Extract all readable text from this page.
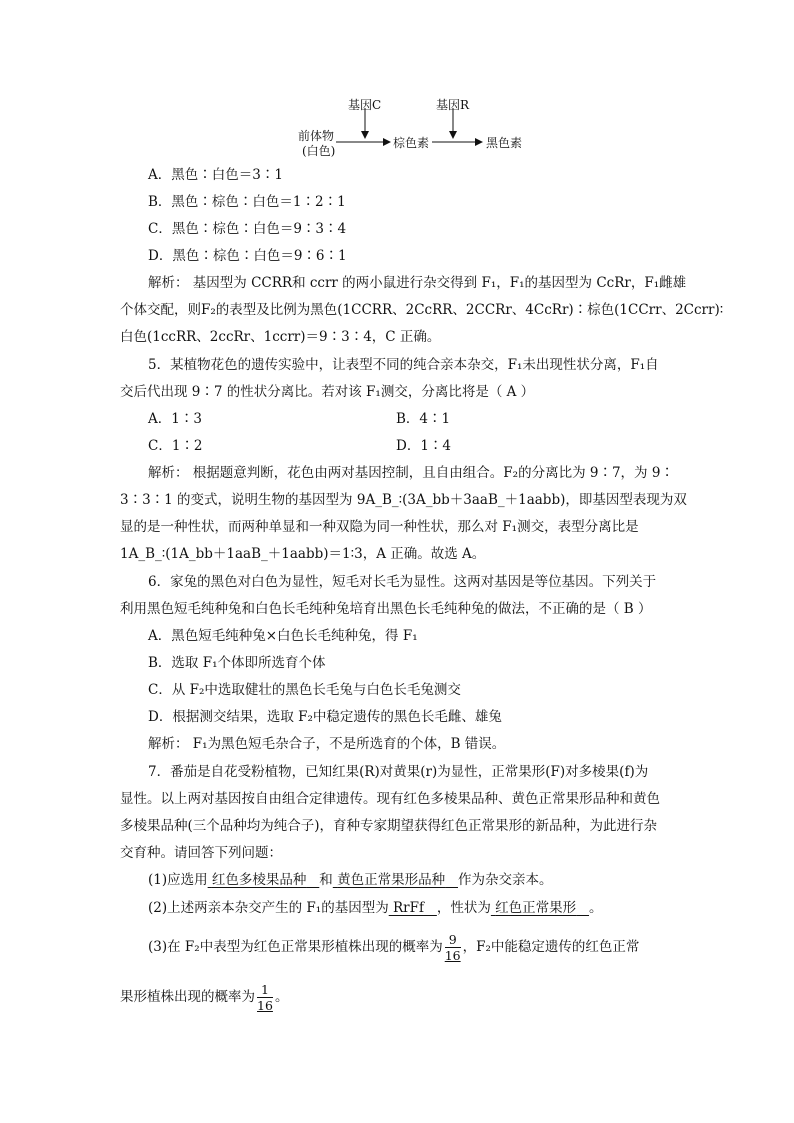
基因C	基因R
前体物
(白色)
棕色素	黑色素
A．黑色∶白色＝3∶1
B．黑色∶棕色∶白色＝1∶2∶1
C．黑色∶棕色∶白色＝9∶3∶4
D．黑色∶棕色∶白色＝9∶6∶1
解析： 基因型为 CCRR和 ccrr 的两小鼠进行杂交得到 F₁，F₁的基因型为 CcRr，F₁雌雄
个体交配，则F₂的表型及比例为黑色(1CCRR、2CcRR、2CCRr、4CcRr)∶棕色(1CCrr、2Ccrr)∶
白色(1ccRR、2ccRr、1ccrr)＝9∶3∶4，C 正确。
5．某植物花色的遗传实验中，让表型不同的纯合亲本杂交，F₁未出现性状分离，F₁自
交后代出现 9∶7 的性状分离比。若对该 F₁测交，分离比将是（ A ）
A．1∶3	B．4∶1
C．1∶2	D．1∶4
解析： 根据题意判断，花色由两对基因控制，且自由组合。F₂的分离比为 9∶7，为 9∶
3∶3∶1 的变式，说明生物的基因型为 9A_B_∶(3A_bb＋3aaB_＋1aabb)，即基因型表现为双
显的是一种性状，而两种单显和一种双隐为同一种性状，那么对 F₁测交，表型分离比是
1A_B_∶(1A_bb＋1aaB_＋1aabb)＝1∶3，A 正确。故选 A。
6．家兔的黑色对白色为显性，短毛对长毛为显性。这两对基因是等位基因。下列关于
利用黑色短毛纯种兔和白色长毛纯种兔培育出黑色长毛纯种兔的做法，不正确的是（ B ）
A．黑色短毛纯种兔×白色长毛纯种兔，得 F₁
B．选取 F₁个体即所选育个体
C．从 F₂中选取健壮的黑色长毛兔与白色长毛兔测交
D．根据测交结果，选取 F₂中稳定遗传的黑色长毛雌、雄兔
解析： F₁为黑色短毛杂合子，不是所选育的个体，B 错误。
7．番茄是自花受粉植物，已知红果(R)对黄果(r)为显性，正常果形(F)对多棱果(f)为
显性。以上两对基因按自由组合定律遗传。现有红色多棱果品种、黄色正常果形品种和黄色
多棱果品种(三个品种均为纯合子)，育种专家期望获得红色正常果形的新品种，为此进行杂
交育种。请回答下列问题：
(1)应选用 红色多棱果品种 和 黄色正常果形品种 作为杂交亲本。
(2)上述两亲本杂交产生的 F₁的基因型为 RrFf ，性状为 红色正常果形 。
(3)在 F₂中表型为红色正常果形植株出现的概率为 $\frac{9}{16}$ ，F₂中能稳定遗传的红色正常
果形植株出现的概率为 $\frac{1}{16}$ 。
